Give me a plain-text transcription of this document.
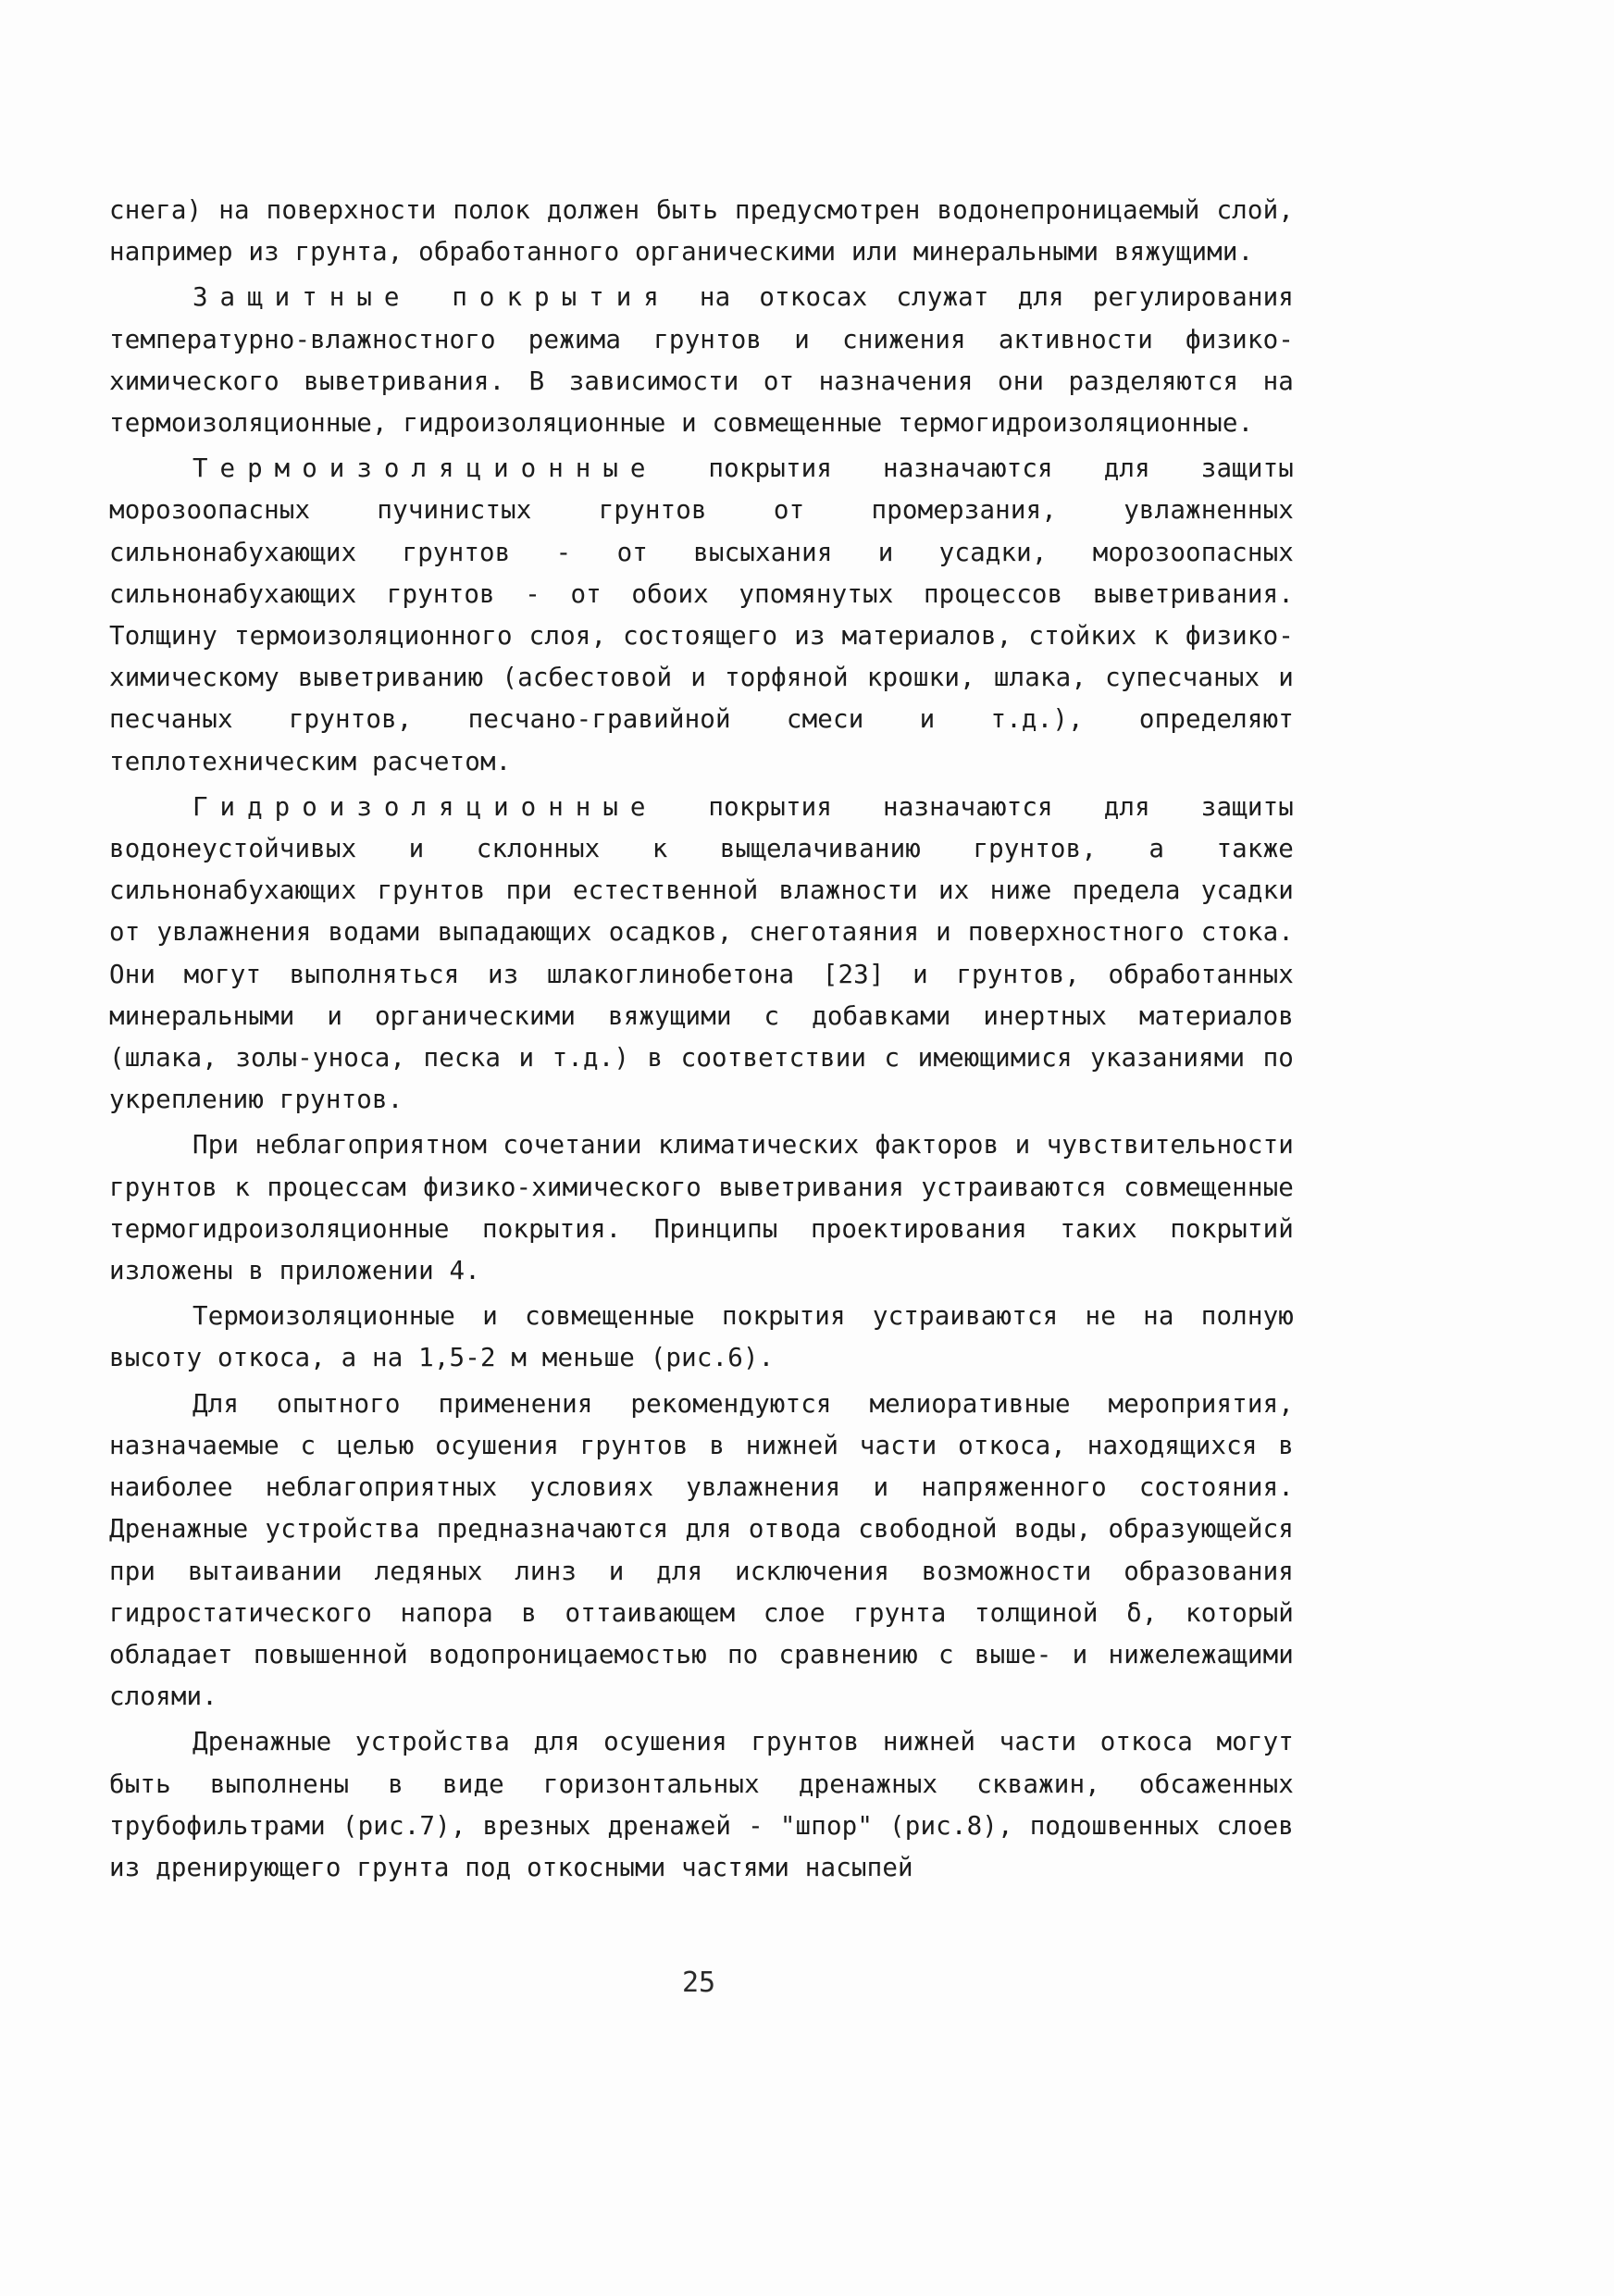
снега) на поверхности полок должен быть предусмотрен водонепроницаемый слой, например из грунта, обработанного органическими или минеральными вяжущими.

Защитные покрытия на откосах служат для регулирования температурно-влажностного режима грунтов и снижения активности физико-химического выветривания. В зависимости от назначения они разделяются на термоизоляционные, гидроизоляционные и совмещенные термогидроизоляционные.

Термоизоляционные покрытия назначаются для защиты морозоопасных пучинистых грунтов от промерзания, увлажненных сильнонабухающих грунтов - от высыхания и усадки, морозоопасных сильнонабухающих грунтов - от обоих упомянутых процессов выветривания. Толщину термоизоляционного слоя, состоящего из материалов, стойких к физико-химическому выветриванию (асбестовой и торфяной крошки, шлака, супесчаных и песчаных грунтов, песчано-гравийной смеси и т.д.), определяют теплотехническим расчетом.

Гидроизоляционные покрытия назначаются для защиты водонеустойчивых и склонных к выщелачиванию грунтов, а также сильнонабухающих грунтов при естественной влажности их ниже предела усадки от увлажнения водами выпадающих осадков, снеготаяния и поверхностного стока. Они могут выполняться из шлакоглинобетона [23] и грунтов, обработанных минеральными и органическими вяжущими с добавками инертных материалов (шлака, золы-уноса, песка и т.д.) в соответствии с имеющимися указаниями по укреплению грунтов.

При неблагоприятном сочетании климатических факторов и чувствительности грунтов к процессам физико-химического выветривания устраиваются совмещенные термогидроизоляционные покрытия. Принципы проектирования таких покрытий изложены в приложении 4.

Термоизоляционные и совмещенные покрытия устраиваются не на полную высоту откоса, а на 1,5-2 м меньше (рис.6).

Для опытного применения рекомендуются мелиоративные мероприятия, назначаемые с целью осушения грунтов в нижней части откоса, находящихся в наиболее неблагоприятных условиях увлажнения и напряженного состояния. Дренажные устройства предназначаются для отвода свободной воды, образующейся при вытаивании ледяных линз и для исключения возможности образования гидростатического напора в оттаивающем слое грунта толщиной δ, который обладает повышенной водопроницаемостью по сравнению с выше- и нижележащими слоями.

Дренажные устройства для осушения грунтов нижней части откоса могут быть выполнены в виде горизонтальных дренажных скважин, обсаженных трубофильтрами (рис.7), врезных дренажей - "шпор" (рис.8), подошвенных слоев из дренирующего грунта под откосными частями насыпей

25
